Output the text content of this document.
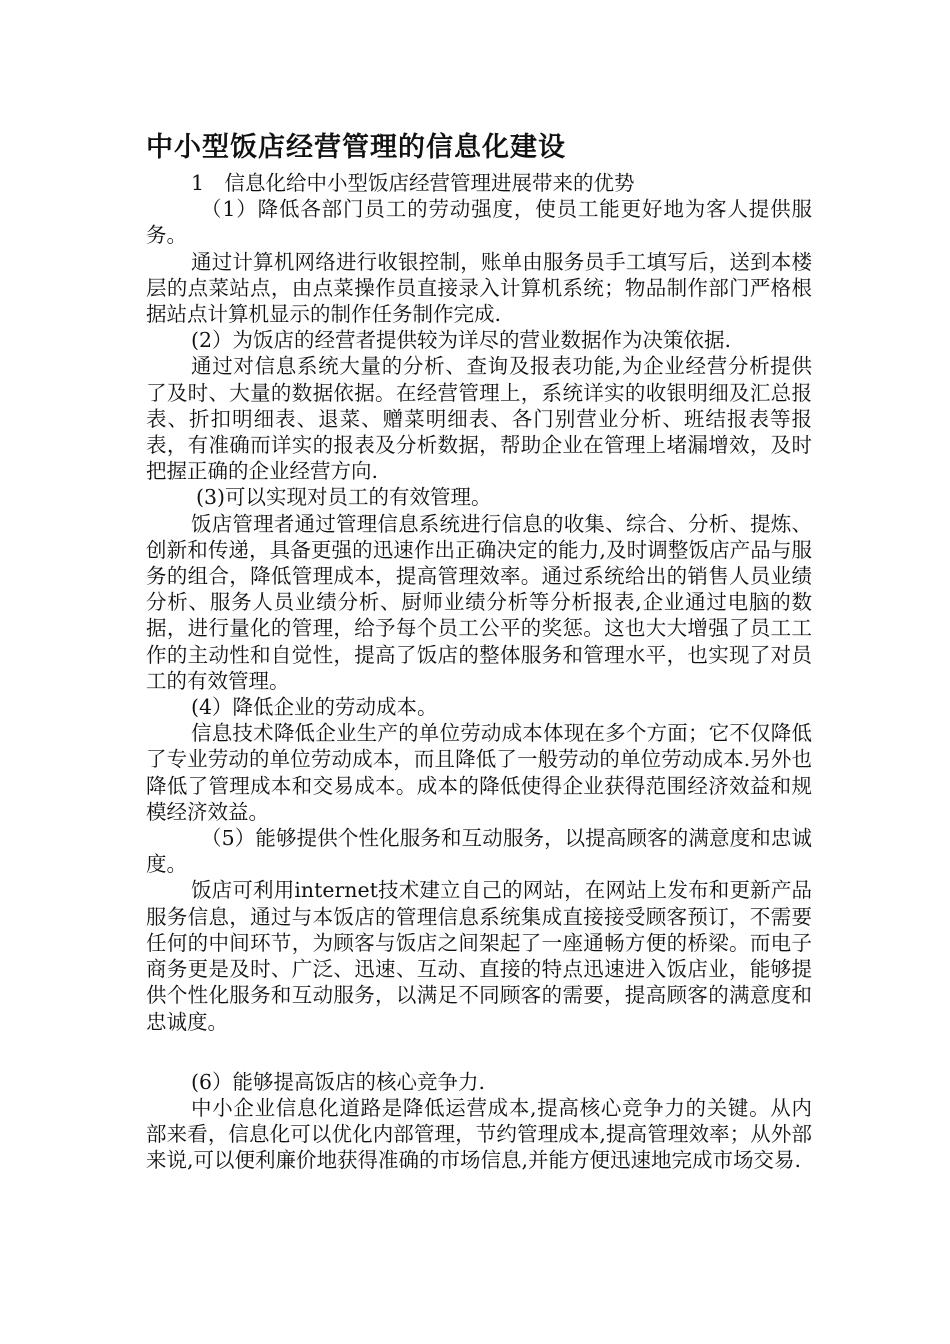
中小型饭店经营管理的信息化建设

1　信息化给中小型饭店经营管理进展带来的优势

（1）降低各部门员工的劳动强度，使员工能更好地为客人提供服务。

通过计算机网络进行收银控制，账单由服务员手工填写后，送到本楼层的点菜站点，由点菜操作员直接录入计算机系统；物品制作部门严格根据站点计算机显示的制作任务制作完成.

(2）为饭店的经营者提供较为详尽的营业数据作为决策依据.

通过对信息系统大量的分析、查询及报表功能,为企业经营分析提供了及时、大量的数据依据。在经营管理上，系统详实的收银明细及汇总报表、折扣明细表、退菜、赠菜明细表、各门别营业分析、班结报表等报表，有准确而详实的报表及分析数据，帮助企业在管理上堵漏增效，及时把握正确的企业经营方向.

(3)可以实现对员工的有效管理。

饭店管理者通过管理信息系统进行信息的收集、综合、分析、提炼、创新和传递，具备更强的迅速作出正确决定的能力,及时调整饭店产品与服务的组合，降低管理成本，提高管理效率。通过系统给出的销售人员业绩分析、服务人员业绩分析、厨师业绩分析等分析报表,企业通过电脑的数据，进行量化的管理，给予每个员工公平的奖惩。这也大大增强了员工工作的主动性和自觉性，提高了饭店的整体服务和管理水平，也实现了对员工的有效管理。

(4）降低企业的劳动成本。

信息技术降低企业生产的单位劳动成本体现在多个方面；它不仅降低了专业劳动的单位劳动成本，而且降低了一般劳动的单位劳动成本.另外也降低了管理成本和交易成本。成本的降低使得企业获得范围经济效益和规模经济效益。

（5）能够提供个性化服务和互动服务，以提高顾客的满意度和忠诚度。

饭店可利用internet技术建立自己的网站，在网站上发布和更新产品服务信息，通过与本饭店的管理信息系统集成直接接受顾客预订，不需要任何的中间环节，为顾客与饭店之间架起了一座通畅方便的桥梁。而电子商务更是及时、广泛、迅速、互动、直接的特点迅速进入饭店业，能够提供个性化服务和互动服务，以满足不同顾客的需要，提高顾客的满意度和忠诚度。

(6）能够提高饭店的核心竞争力.

中小企业信息化道路是降低运营成本,提高核心竞争力的关键。从内部来看，信息化可以优化内部管理，节约管理成本,提高管理效率；从外部来说,可以便利廉价地获得准确的市场信息,并能方便迅速地完成市场交易.
